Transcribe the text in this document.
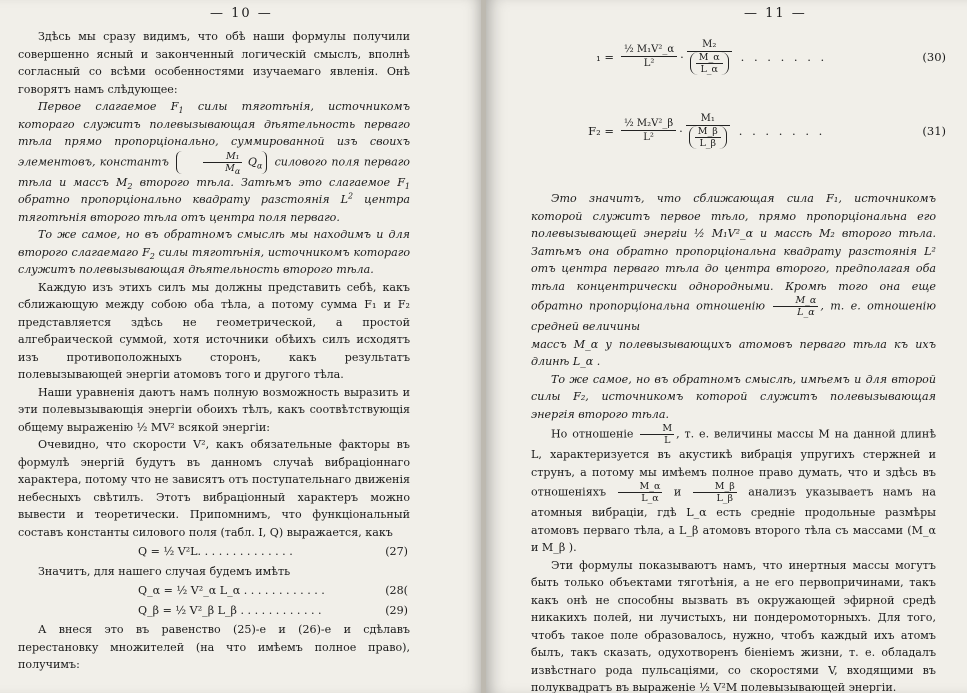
— 10 —

Здѣсь мы сразу видимъ, что обѣ наши формулы получили совершенно ясный и законченный логическій смыслъ, вполнѣ согласный со всѣми особенностями изучаемаго явленія. Онѣ говорятъ намъ слѣдующее:

Первое слагаемое $F_1$ силы тяготѣнія, источникомъ котораго служитъ полевызывающая дѣятельность перваго тѣла прямо пропорціонально, суммированной изъ своихъ элементовъ, константъ	$\frac{\text{M₁}}{M_\alpha} Q_\alpha$ силового поля перваго тѣла и массъ $M_2$ второго тѣла. Затѣмъ это слагаемое $F_1$ обратно пропорціонально квадрату разстоянія $L^2$ центра тяготѣнія второго тѣла отъ центра поля перваго.

То же самое, но въ обратномъ смыслѣ мы находимъ и для второго слагаемаго $F_2$ силы тяготѣнія, источникомъ котораго служитъ полевызывающая дѣятельность второго тѣла.

Каждую изъ этихъ силъ мы должны представить себѣ, какъ сближающую между собою оба тѣла, а потому сумма F₁ и F₂ представляется здѣсь не геометрической, а простой алгебраической суммой, хотя источники обѣихъ силъ исходятъ изъ противоположныхъ сторонъ, какъ результатъ полевызывающей энергіи атомовъ того и другого тѣла.

Наши уравненія даютъ намъ полную возможность выразить и эти полевызывающія энергіи обоихъ тѣлъ, какъ соотвѣтствующія общему выраженію ½ MV² всякой энергіи:

Очевидно, что скорости V², какъ обязательные факторы въ формулѣ энергій будутъ въ данномъ случаѣ вибраціоннаго характера, потому что не зависятъ отъ поступательнаго движенія небесныхъ свѣтилъ. Этотъ вибраціонный характеръ можно вывести и теоретически. Припомнимъ, что функціональный составъ константы силового поля (табл. I, Q) выражается, какъ

Q = ½ V²L. . . . . . . . . . . . . .	(27)

Значитъ, для нашего случая будемъ имѣть

Q_α = ½ V²_α L_α . . . . . . . . . . . .	(28(
Q_β = ½ V²_β L_β . . . . . . . . . . . .	(29)

А внеся это въ равенство (25)-е и (26)-е и сдѣлавъ перестановку множителей (на что имѣемъ полное право), получимъ:

— 11 —
$_1 = \frac{\text{½ M₁V²\_α}}{\text{L²}}$ ·
M₂
$\frac{M\_\alpha}{L\_\alpha}$	. . . . . . .	(30)
$F_2 = \frac{\text{½ M₂V²\_β}}{\text{L²}}$ ·
M₁
$\frac{M\_\beta}{L\_\beta}$	. . . . . . .	(31)

Это значитъ, что сближающая сила F₁, источникомъ которой служитъ первое тѣло, прямо пропорціональна его полевызывающей энергіи ½ M₁V²_α и массѣ M₂ второго тѣла. Затѣмъ она обратно пропорціональна квадрату разстоянія L² отъ центра перваго тѣла до центра второго, предполагая оба тѣла концентрически однородными. Кромѣ того она еще обратно пропорціональна отношенію $\frac{M\_\alpha}{L\_\alpha}$ , т. е. отношенію средней величины

массъ M_α у полевызывающихъ атомовъ перваго тѣла къ ихъ длинѣ L_α .

То же самое, но въ обратномъ смыслѣ, имѣемъ и для второй силы F₂, источникомъ которой служитъ полевызывающая энергія второго тѣла.

Но отношеніе $\frac{M}{L}$ , т. е. величины массы M на данной длинѣ L, характеризуется въ акустикѣ вибрація упругихъ стержней и струнъ, а потому мы имѣемъ полное право думать, что и здѣсь въ отношеніяхъ $\frac{M\_\alpha}{L\_\alpha}$ и $\frac{M\_\beta}{L\_\beta}$ анализъ указываетъ намъ на атомныя вибраціи, гдѣ L_α есть средніе продольные размѣры атомовъ перваго тѣла, а L_β атомовъ второго тѣла съ массами (M_α и M_β ).

Эти формулы показываютъ намъ, что инертныя массы могутъ быть только объектами тяготѣнія, а не его первопричинами, такъ какъ онѣ не способны вызвать въ окружающей эфирной средѣ никакихъ полей, ни лучистыхъ, ни пондеромоторныхъ. Для того, чтобъ такое поле образовалось, нужно, чтобъ каждый ихъ атомъ былъ, такъ сказать, одухотворенъ біеніемъ жизни, т. е. обладалъ извѣстнаго рода пульсаціями, со скоростями V, входящими въ полуквадратъ въ выраженіе ½ V²M полевызывающей энергіи.
